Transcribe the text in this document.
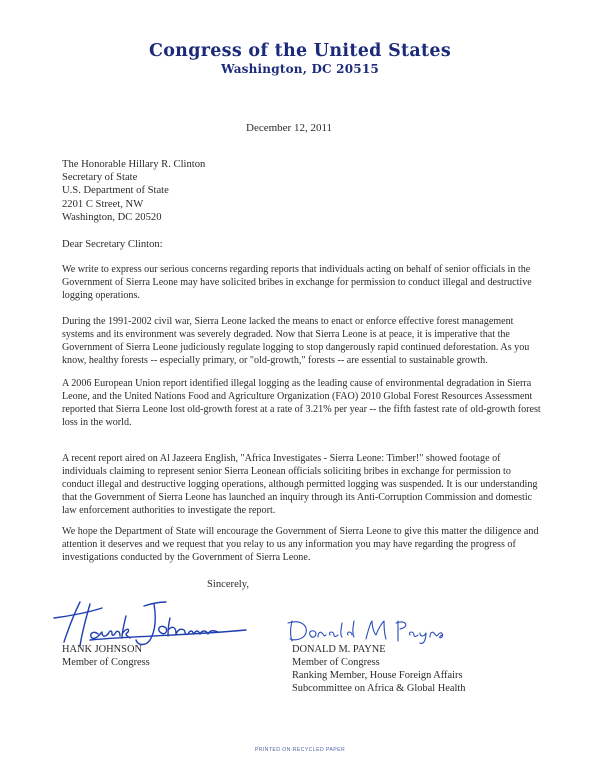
Congress of the United States
Washington, DC 20515
December 12, 2011
The Honorable Hillary R. Clinton
Secretary of State
U.S. Department of State
2201 C Street, NW
Washington, DC 20520
Dear Secretary Clinton:
We write to express our serious concerns regarding reports that individuals acting on behalf of senior officials in the Government of Sierra Leone may have solicited bribes in exchange for permission to conduct illegal and destructive logging operations.
During the 1991-2002 civil war, Sierra Leone lacked the means to enact or enforce effective forest management systems and its environment was severely degraded. Now that Sierra Leone is at peace, it is imperative that the Government of Sierra Leone judiciously regulate logging to stop dangerously rapid continued deforestation. As you know, healthy forests -- especially primary, or "old-growth," forests -- are essential to sustainable growth.
A 2006 European Union report identified illegal logging as the leading cause of environmental degradation in Sierra Leone, and the United Nations Food and Agriculture Organization (FAO) 2010 Global Forest Resources Assessment reported that Sierra Leone lost old-growth forest at a rate of 3.21% per year -- the fifth fastest rate of old-growth forest loss in the world.
A recent report aired on Al Jazeera English, "Africa Investigates - Sierra Leone: Timber!" showed footage of individuals claiming to represent senior Sierra Leonean officials soliciting bribes in exchange for permission to conduct illegal and destructive logging operations, although permitted logging was suspended. It is our understanding that the Government of Sierra Leone has launched an inquiry through its Anti-Corruption Commission and domestic law enforcement authorities to investigate the report.
We hope the Department of State will encourage the Government of Sierra Leone to give this matter the diligence and attention it deserves and we request that you relay to us any information you may have regarding the progress of investigations conducted by the Government of Sierra Leone.
Sincerely,
HANK JOHNSON
Member of Congress
DONALD M. PAYNE
Member of Congress
Ranking Member, House Foreign Affairs
Subcommittee on Africa & Global Health
PRINTED ON RECYCLED PAPER
